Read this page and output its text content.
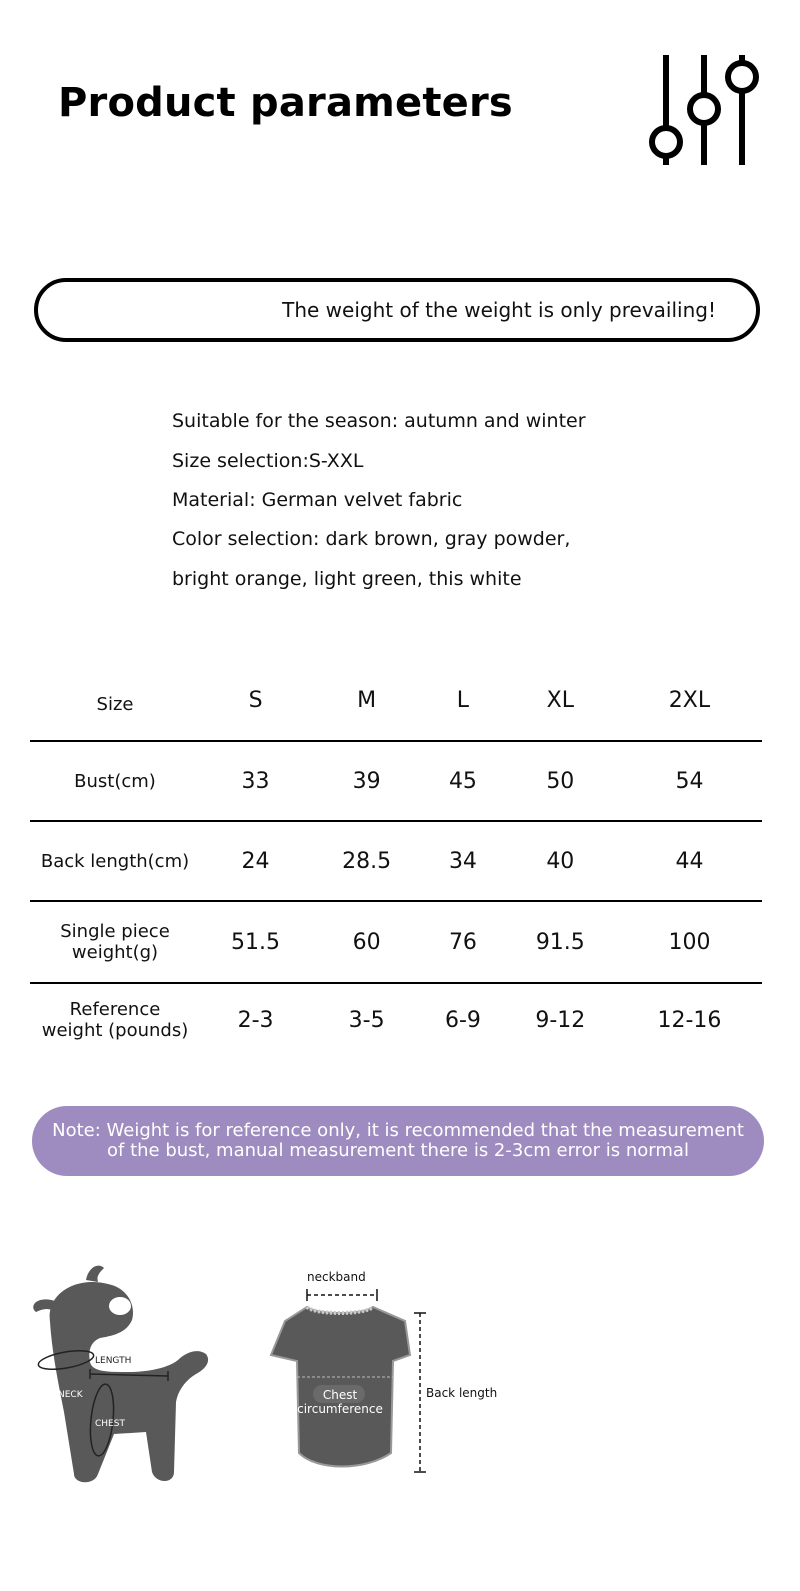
Product parameters
The weight of the weight is only prevailing!
Suitable for the season: autumn and winter
Size selection:S-XXL
Material: German velvet fabric
Color selection: dark brown, gray powder,
bright orange, light green, this white
Size	S	M	L	XL	2XL
Bust(cm)	33	39	45	50	54
Back length(cm)	24	28.5	34	40	44

Single piece
weight(g)	51.5	60	76	91.5	100

Reference
weight (pounds)	2-3	3-5	6-9	9-12	12-16
Note: Weight is for reference only, it is recommended that the measurement
of the bust, manual measurement there is 2-3cm error is normal
LENGTH
NECK
CHEST
neckband
Chest
circumference
Back length
